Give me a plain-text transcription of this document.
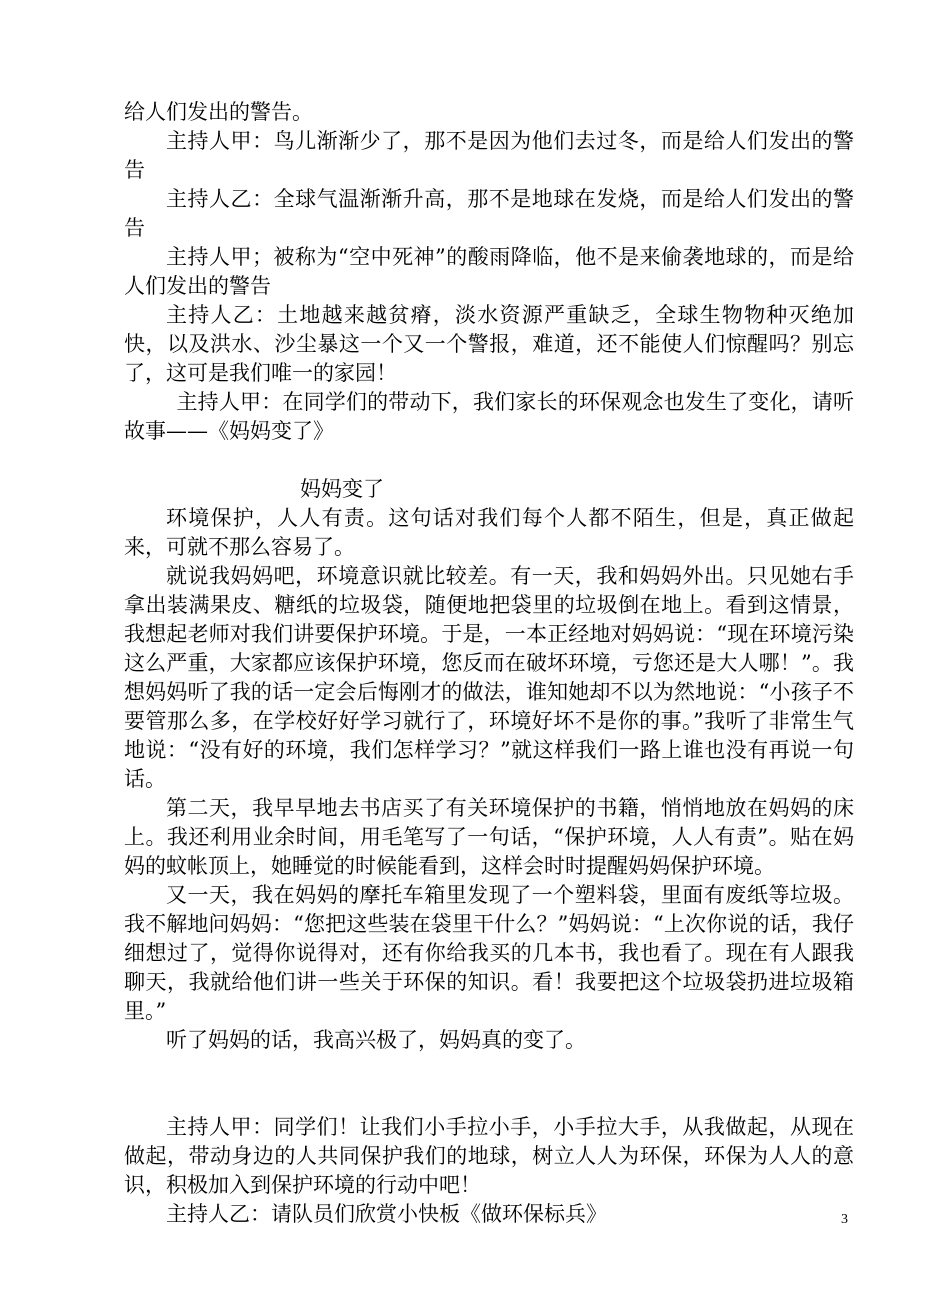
给人们发出的警告。

主持人甲：鸟儿渐渐少了，那不是因为他们去过冬，而是给人们发出的警告

主持人乙：全球气温渐渐升高，那不是地球在发烧，而是给人们发出的警告

主持人甲；被称为“空中死神”的酸雨降临，他不是来偷袭地球的，而是给人们发出的警告

主持人乙：土地越来越贫瘠，淡水资源严重缺乏，全球生物物种灭绝加快，以及洪水、沙尘暴这一个又一个警报，难道，还不能使人们惊醒吗？别忘了，这可是我们唯一的家园！

主持人甲：在同学们的带动下，我们家长的环保观念也发生了变化，请听故事——《妈妈变了》

妈妈变了

环境保护，人人有责。这句话对我们每个人都不陌生，但是，真正做起来，可就不那么容易了。

就说我妈妈吧，环境意识就比较差。有一天，我和妈妈外出。只见她右手拿出装满果皮、糖纸的垃圾袋，随便地把袋里的垃圾倒在地上。看到这情景，我想起老师对我们讲要保护环境。于是，一本正经地对妈妈说：“现在环境污染这么严重，大家都应该保护环境，您反而在破坏环境，亏您还是大人哪！”。我想妈妈听了我的话一定会后悔刚才的做法，谁知她却不以为然地说：“小孩子不要管那么多，在学校好好学习就行了，环境好坏不是你的事。”我听了非常生气地说：“没有好的环境，我们怎样学习？”就这样我们一路上谁也没有再说一句话。

第二天，我早早地去书店买了有关环境保护的书籍，悄悄地放在妈妈的床上。我还利用业余时间，用毛笔写了一句话，“保护环境，人人有责”。贴在妈妈的蚊帐顶上，她睡觉的时候能看到，这样会时时提醒妈妈保护环境。

又一天，我在妈妈的摩托车箱里发现了一个塑料袋，里面有废纸等垃圾。我不解地问妈妈：“您把这些装在袋里干什么？”妈妈说：“上次你说的话，我仔细想过了，觉得你说得对，还有你给我买的几本书，我也看了。现在有人跟我聊天，我就给他们讲一些关于环保的知识。看！我要把这个垃圾袋扔进垃圾箱里。”

听了妈妈的话，我高兴极了，妈妈真的变了。

主持人甲：同学们！让我们小手拉小手，小手拉大手，从我做起，从现在做起，带动身边的人共同保护我们的地球，树立人人为环保，环保为人人的意识，积极加入到保护环境的行动中吧！

主持人乙：请队员们欣赏小快板《做环保标兵》	3
